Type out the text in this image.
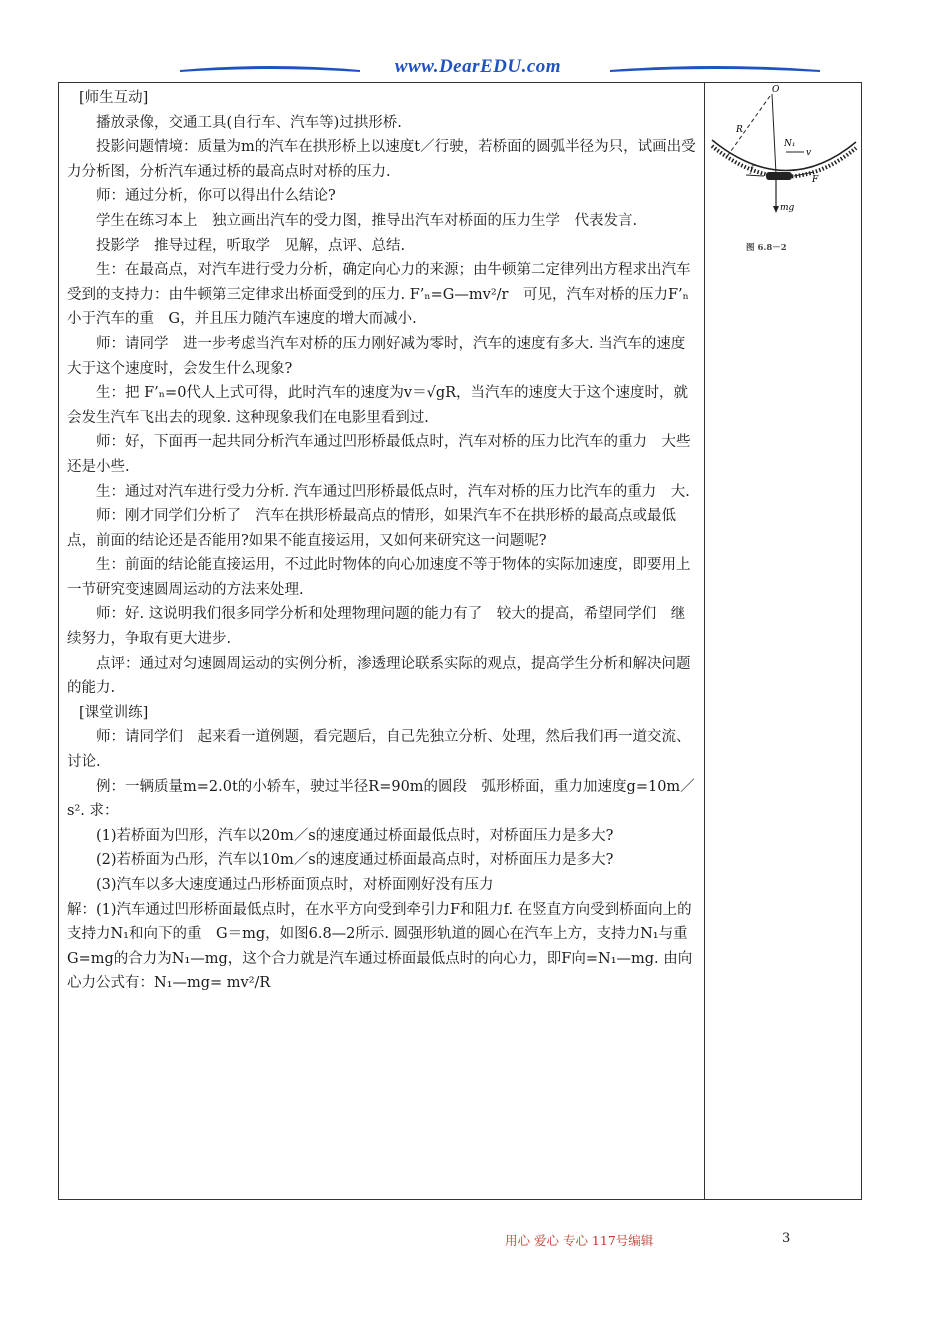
www.DearEDU.com

[师生互动]

播放录像，交通工具(自行车、汽车等)过拱形桥.

投影问题情境：质量为m的汽车在拱形桥上以速度t／行驶，若桥面的圆弧半径为只，试画出受力分析图，分析汽车通过桥的最高点时对桥的压力.

师：通过分析，你可以得出什么结论?

学生在练习本上　独立画出汽车的受力图，推导出汽车对桥面的压力生学　代表发言.

投影学　推导过程，听取学　见解，点评、总结.

生：在最高点，对汽车进行受力分析，确定向心力的来源；由牛顿第二定律列出方程求出汽车受到的支持力：由牛顿第三定律求出桥面受到的压力. F’ₙ=G—mv²/r　可见，汽车对桥的压力F’ₙ小于汽车的重　G，并且压力随汽车速度的增大而减小.

师：请同学　进一步考虑当汽车对桥的压力刚好减为零时，汽车的速度有多大. 当汽车的速度大于这个速度时，会发生什么现象?

生：把 F’ₙ=0代人上式可得，此时汽车的速度为v＝√gR，当汽车的速度大于这个速度时，就会发生汽车飞出去的现象. 这种现象我们在电影里看到过.

师：好，下面再一起共同分析汽车通过凹形桥最低点时，汽车对桥的压力比汽车的重力　大些还是小些.

生：通过对汽车进行受力分析. 汽车通过凹形桥最低点时，汽车对桥的压力比汽车的重力　大.

师：刚才同学们分析了　汽车在拱形桥最高点的情形，如果汽车不在拱形桥的最高点或最低点，前面的结论还是否能用?如果不能直接运用，又如何来研究这一问题呢?

生：前面的结论能直接运用，不过此时物体的向心加速度不等于物体的实际加速度，即要用上一节研究变速圆周运动的方法来处理.

师：好. 这说明我们很多同学分析和处理物理问题的能力有了　较大的提高，希望同学们　继续努力，争取有更大进步.

点评：通过对匀速圆周运动的实例分析，渗透理论联系实际的观点，提高学生分析和解决问题的能力.

[课堂训练]

师：请同学们　起来看一道例题，看完题后，自己先独立分析、处理，然后我们再一道交流、讨论.

例：一辆质量m=2.0t的小轿车，驶过半径R=90m的圆段　弧形桥面，重力加速度g=10m／s². 求：

(1)若桥面为凹形，汽车以20m／s的速度通过桥面最低点时，对桥面压力是多大?

(2)若桥面为凸形，汽车以10m／s的速度通过桥面最高点时，对桥面压力是多大?

(3)汽车以多大速度通过凸形桥面顶点时，对桥面刚好没有压力

解：(1)汽车通过凹形桥面最低点时，在水平方向受到牵引力F和阻力f. 在竖直方向受到桥面向上的支持力N₁和向下的重　G＝mg，如图6.8—2所示. 圆强形轨道的圆心在汽车上方，支持力N₁与重　G=mg的合力为N₁—mg，这个合力就是汽车通过桥面最低点时的向心力，即F向=N₁—mg. 由向心力公式有：N₁—mg= mv²/R

O
R
N₁
v
f
F
mg
图 6.8－2
用心 爱心 专心 117号编辑	3
